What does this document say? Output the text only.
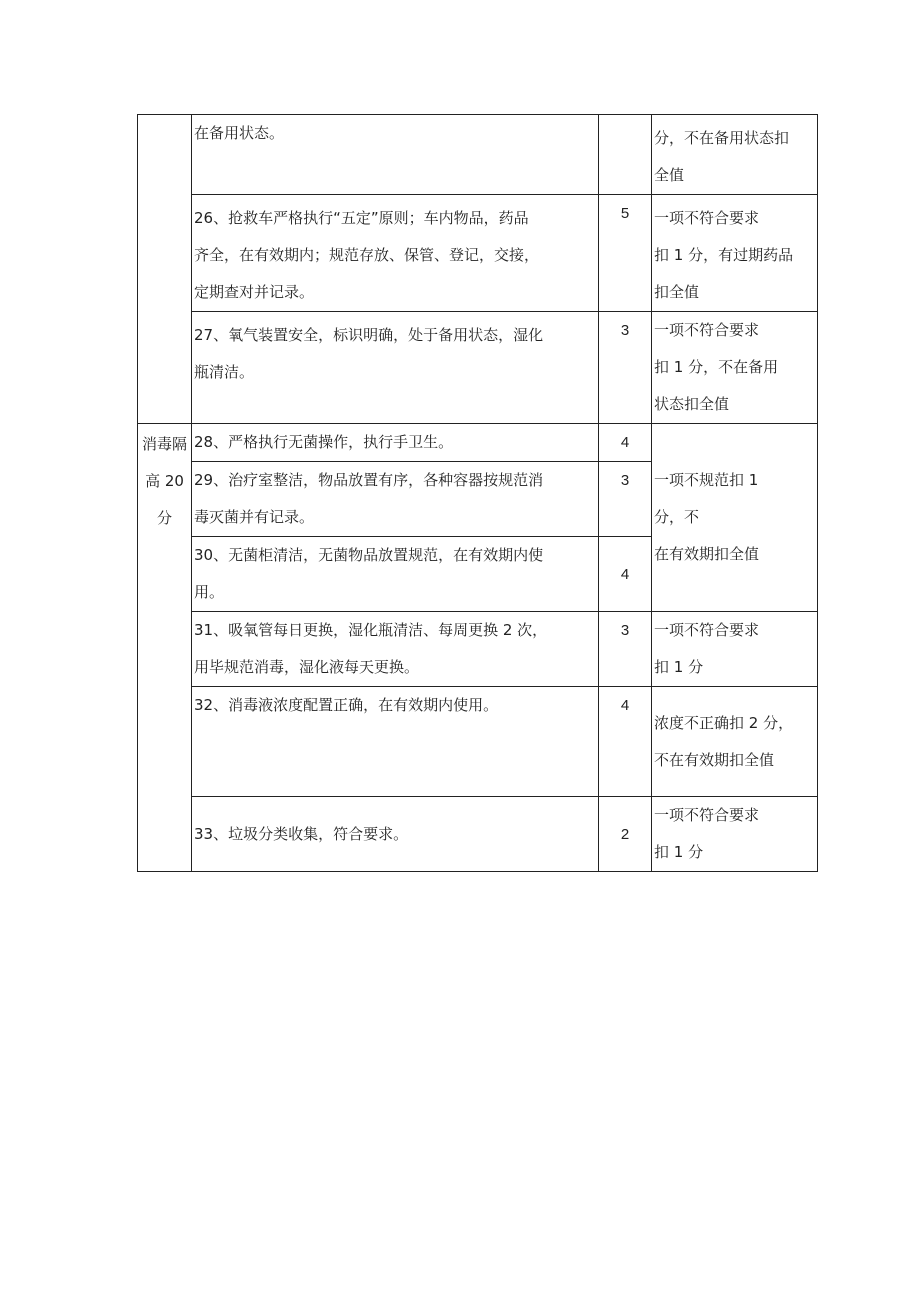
	在备用状态。		分，不在备用状态扣
全值

	26、抢救车严格执行“五定”原则；车内物品，药品
齐全，在有效期内；规范存放、保管、登记，交接，
定期查对并记录。	5	一项不符合要求
扣 1 分，有过期药品
扣全值

	27、氧气装置安全，标识明确，处于备用状态，湿化
瓶清洁。	3	一项不符合要求
扣 1 分，不在备用
状态扣全值

消毒隔
高 20
分	28、严格执行无菌操作，执行手卫生。	4	一项不规范扣 1
分，不
在有效期扣全值

	29、治疗室整洁，物品放置有序，各种容器按规范消
毒灭菌并有记录。	3	

	30、无菌柜清洁，无菌物品放置规范，在有效期内使
用。	4	

	31、吸氧管每日更换，湿化瓶清洁、每周更换 2 次，
用毕规范消毒，湿化液每天更换。	3	一项不符合要求
扣 1 分

	32、消毒液浓度配置正确，在有效期内使用。	4	浓度不正确扣 2 分，
不在有效期扣全值

	33、垃圾分类收集，符合要求。	2	一项不符合要求
扣 1 分
